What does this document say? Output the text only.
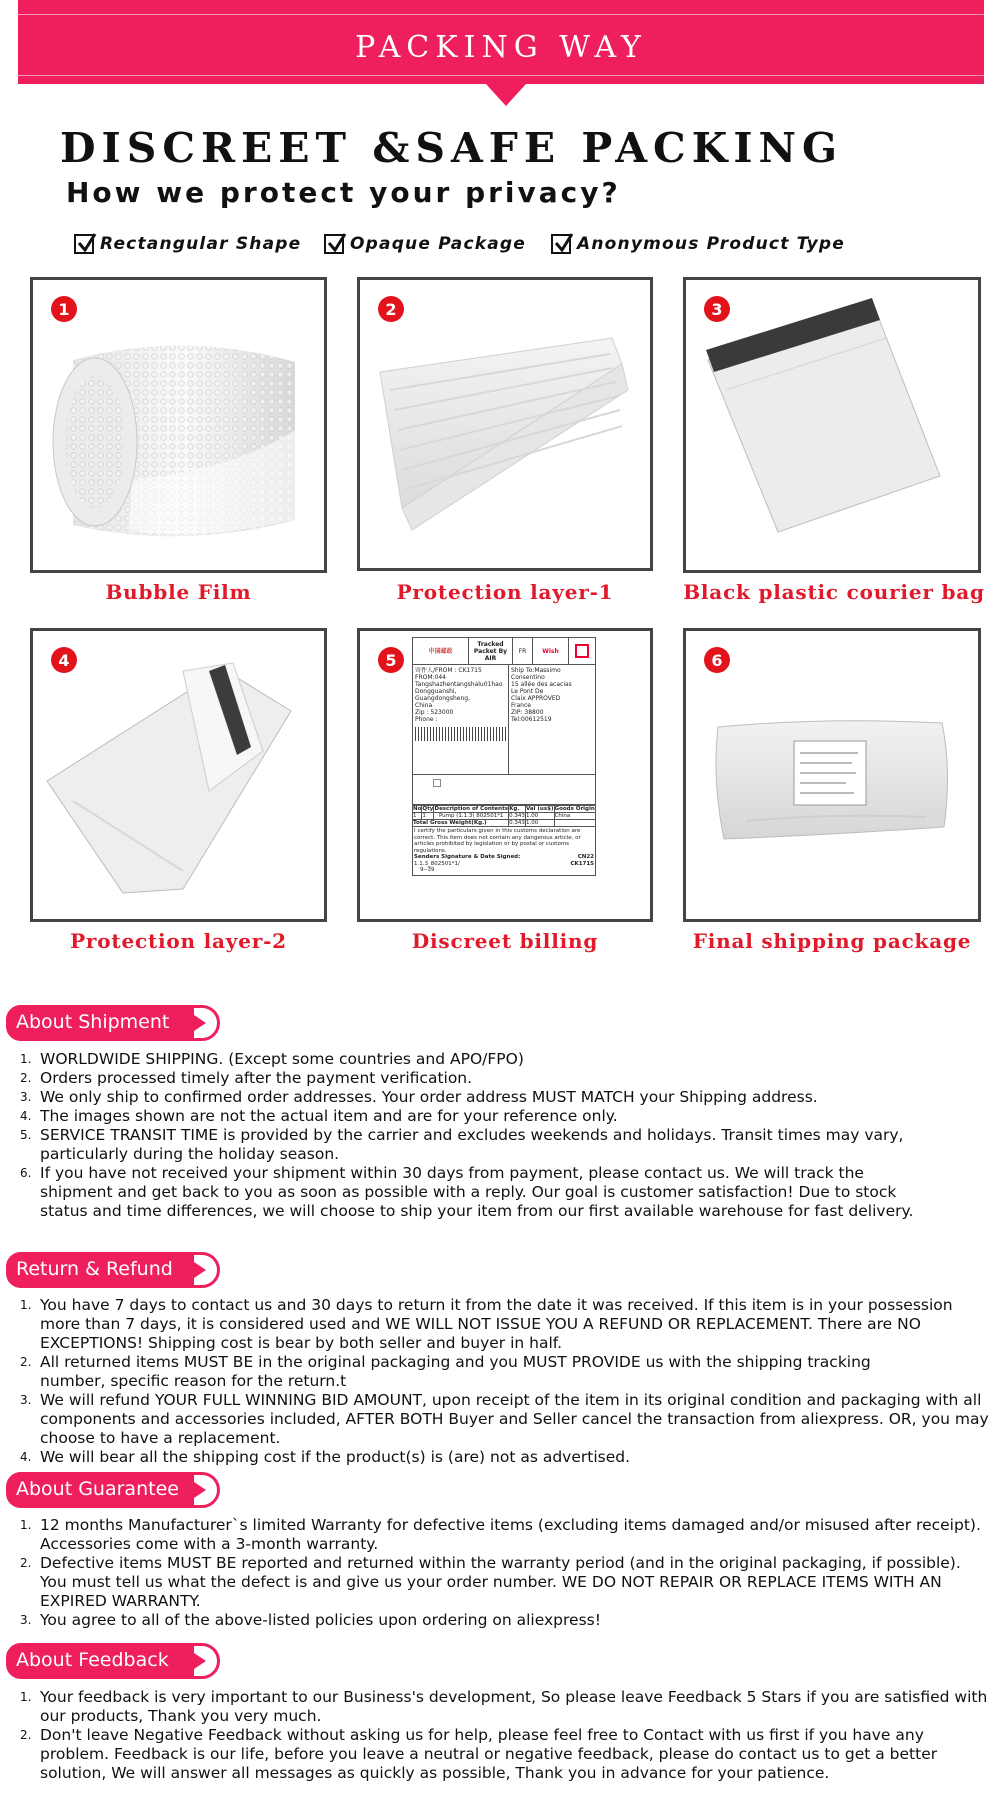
PACKING WAY
DISCREET &SAFE PACKING
How we protect your privacy?
Rectangular Shape	Opaque Package	Anonymous Product Type
1
Bubble Film
2
Protection layer-1
3
Black plastic courier bag
4
Protection layer-2
5	中国邮政
Tracked Packet By AIR
FR	Wish
寄件人/FROM : CK1715
FROM:044
Tangshazhentangshalu01hao
Dongguanshi,
Guangdongsheng,
China
Zip : 523000
Phone :
Ship To:Massimo
Consentino
15 allée des acacias
Le Pont De
Claix APPROVED
France
ZIP: 38800
Tel:00612519
No	Qty	Description of Contents	Kg.	Val (us$)	Goods Origin
1	1	Pump (1.1.3) 802501*1	0.343	1.00	China
Total Gross Weight(Kg.)			0.343	1.00	
I certify the particulars given in this customs declaration are correct. This item does not contain any dangerous article, or articles prohibited by legislation or by postal or customs regulations.
Senders Signature & Date Signed:	CN22
1.1.3_802501*1/	CK1715
9--39
Discreet billing
6
Final shipping package
About Shipment
1. WORLDWIDE SHIPPING. (Except some countries and APO/FPO)
2. Orders processed timely after the payment verification.
3. We only ship to confirmed order addresses. Your order address MUST MATCH your Shipping address.
4. The images shown are not the actual item and are for your reference only.
5. SERVICE TRANSIT TIME is provided by the carrier and excludes weekends and holidays. Transit times may vary, particularly during the holiday season.
6. If you have not received your shipment within 30 days from payment, please contact us. We will track the shipment and get back to you as soon as possible with a reply. Our goal is customer satisfaction! Due to stock status and time differences, we will choose to ship your item from our first available warehouse for fast delivery.
Return & Refund
1. You have 7 days to contact us and 30 days to return it from the date it was received. If this item is in your possession more than 7 days, it is considered used and WE WILL NOT ISSUE YOU A REFUND OR REPLACEMENT. There are NO EXCEPTIONS! Shipping cost is bear by both seller and buyer in half.
2. All returned items MUST BE in the original packaging and you MUST PROVIDE us with the shipping tracking number, specific reason for the return.t
3. We will refund YOUR FULL WINNING BID AMOUNT, upon receipt of the item in its original condition and packaging with all components and accessories included, AFTER BOTH Buyer and Seller cancel the transaction from aliexpress. OR, you may choose to have a replacement.
4. We will bear all the shipping cost if the product(s) is (are) not as advertised.
About Guarantee
1. 12 months Manufacturer`s limited Warranty for defective items (excluding items damaged and/or misused after receipt). Accessories come with a 3-month warranty.
2. Defective items MUST BE reported and returned within the warranty period (and in the original packaging, if possible). You must tell us what the defect is and give us your order number. WE DO NOT REPAIR OR REPLACE ITEMS WITH AN EXPIRED WARRANTY.
3. You agree to all of the above-listed policies upon ordering on aliexpress!
About Feedback
1. Your feedback is very important to our Business's development, So please leave Feedback 5 Stars if you are satisfied with our products, Thank you very much.
2. Don't leave Negative Feedback without asking us for help, please feel free to Contact with us first if you have any problem. Feedback is our life, before you leave a neutral or negative feedback, please do contact us to get a better solution, We will answer all messages as quickly as possible, Thank you in advance for your patience.
